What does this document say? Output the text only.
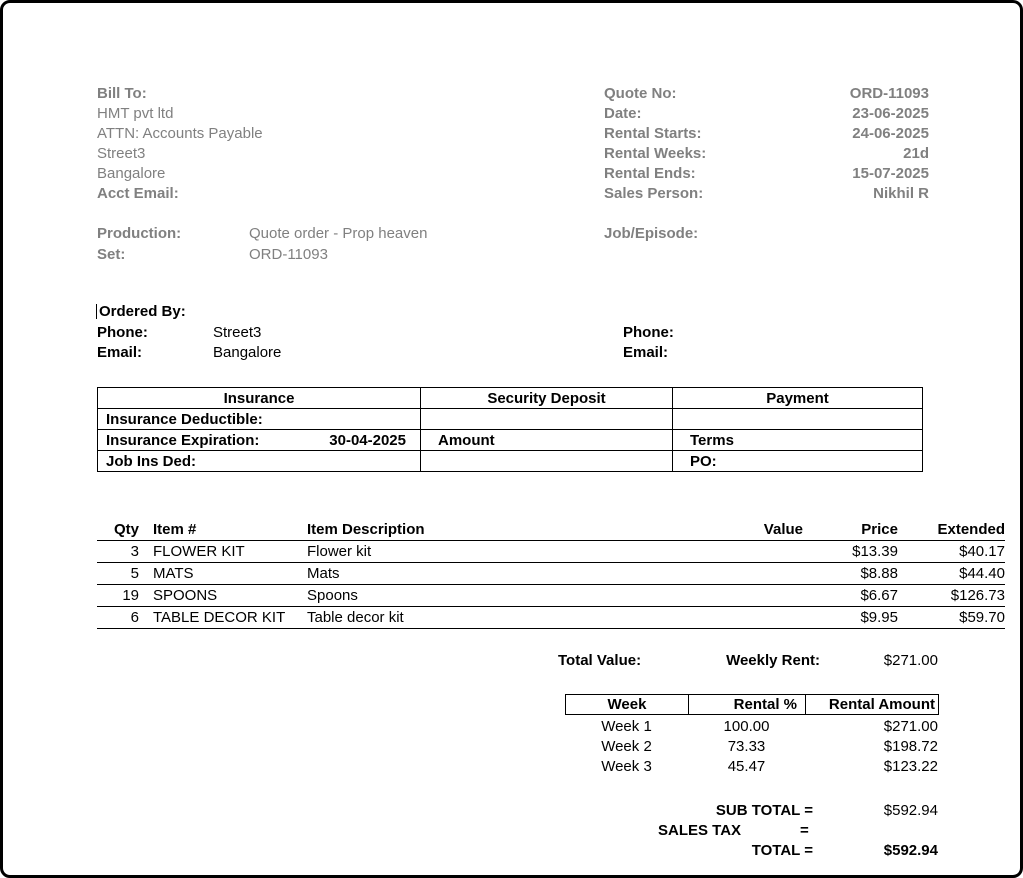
Bill To:
HMT pvt ltd
ATTN: Accounts Payable
Street3
Bangalore
Acct Email:
Quote No:	ORD-11093
Date:	23-06-2025
Rental Starts:	24-06-2025
Rental Weeks:	21d
Rental Ends:	15-07-2025
Sales Person:	Nikhil R
Production:	Quote order - Prop heaven	Job/Episode:
Set:	ORD-11093
Ordered By:
Phone:	Street3	Phone:
Email:	Bangalore	Email:
Insurance	Security Deposit	Payment
Insurance Deductible:		

Insurance Expiration: 30-04-2025	Amount	Terms
Job Ins Ded:		PO:
Qty	Item #	Item Description	Value	Price	Extended
3	FLOWER KIT	Flower kit		$13.39	$40.17
5	MATS	Mats		$8.88	$44.40
19	SPOONS	Spoons		$6.67	$126.73
6	TABLE DECOR KIT	Table decor kit		$9.95	$59.70
Total Value:	Weekly Rent:	$271.00
Week	Rental %	Rental Amount
Week 1	100.00	$271.00
Week 2	73.33	$198.72
Week 3	45.47	$123.22
SUB TOTAL =	$592.94
SALES TAX	=
TOTAL =	$592.94
